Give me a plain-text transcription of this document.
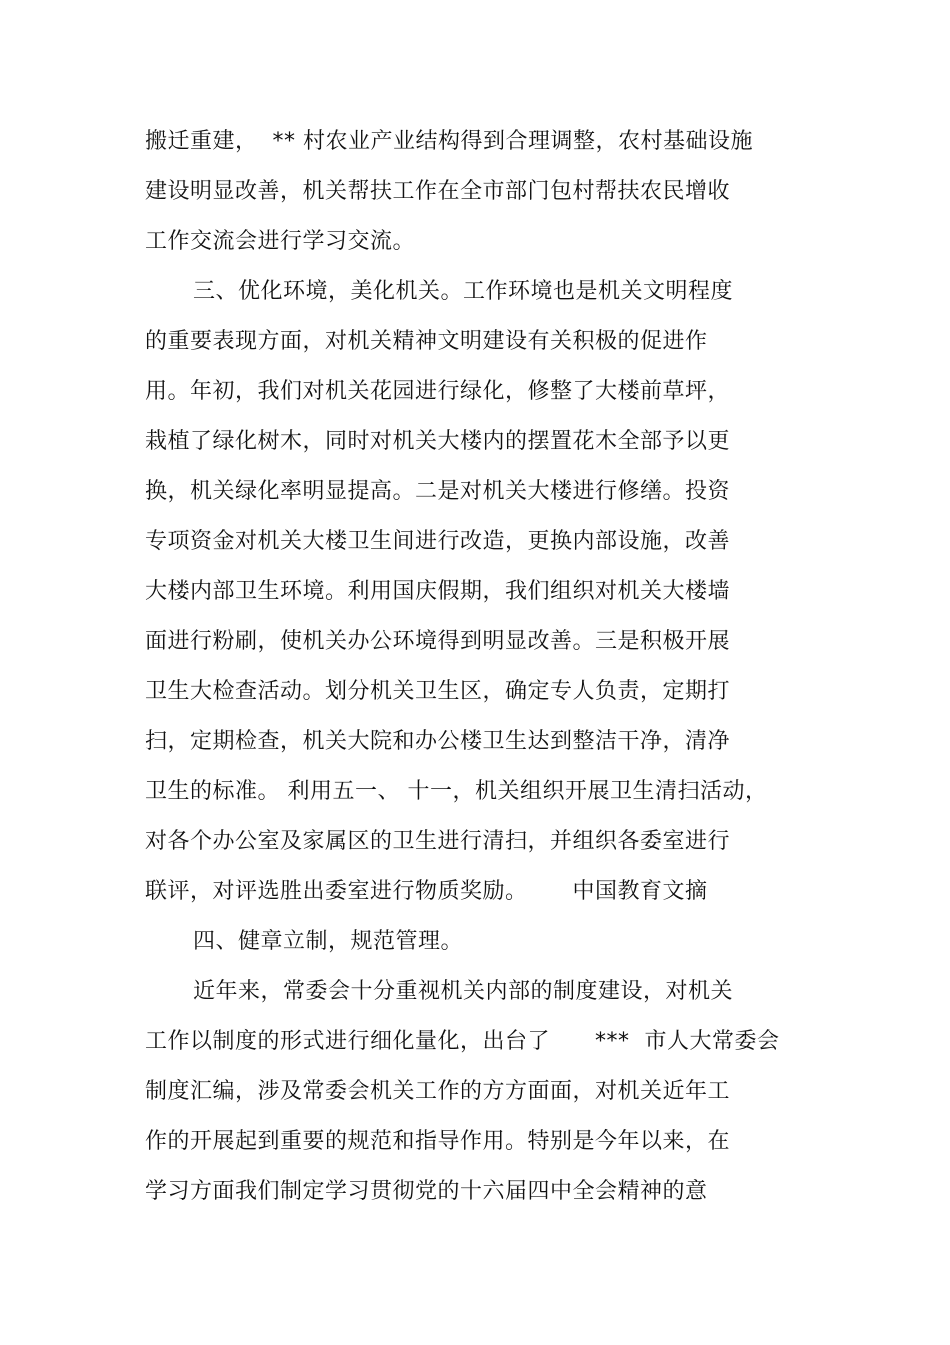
搬迁重建，  ** 村农业产业结构得到合理调整，农村基础设施
建设明显改善，机关帮扶工作在全市部门包村帮扶农民增收
工作交流会进行学习交流。
三、优化环境，美化机关。工作环境也是机关文明程度
的重要表现方面，对机关精神文明建设有关积极的促进作
用。年初，我们对机关花园进行绿化，修整了大楼前草坪，
栽植了绿化树木，同时对机关大楼内的摆置花木全部予以更
换，机关绿化率明显提高。二是对机关大楼进行修缮。投资
专项资金对机关大楼卫生间进行改造，更换内部设施，改善
大楼内部卫生环境。利用国庆假期，我们组织对机关大楼墙
面进行粉刷，使机关办公环境得到明显改善。三是积极开展
卫生大检查活动。划分机关卫生区，确定专人负责，定期打
扫，定期检查，机关大院和办公楼卫生达到整洁干净，清净
卫生的标准。 利用五一、 十一，机关组织开展卫生清扫活动，
对各个办公室及家属区的卫生进行清扫，并组织各委室进行
联评，对评选胜出委室进行物质奖励。      中国教育文摘
四、健章立制，规范管理。
近年来，常委会十分重视机关内部的制度建设，对机关
工作以制度的形式进行细化量化，出台了      ***  市人大常委会
制度汇编，涉及常委会机关工作的方方面面，对机关近年工
作的开展起到重要的规范和指导作用。特别是今年以来，在
学习方面我们制定学习贯彻党的十六届四中全会精神的意
